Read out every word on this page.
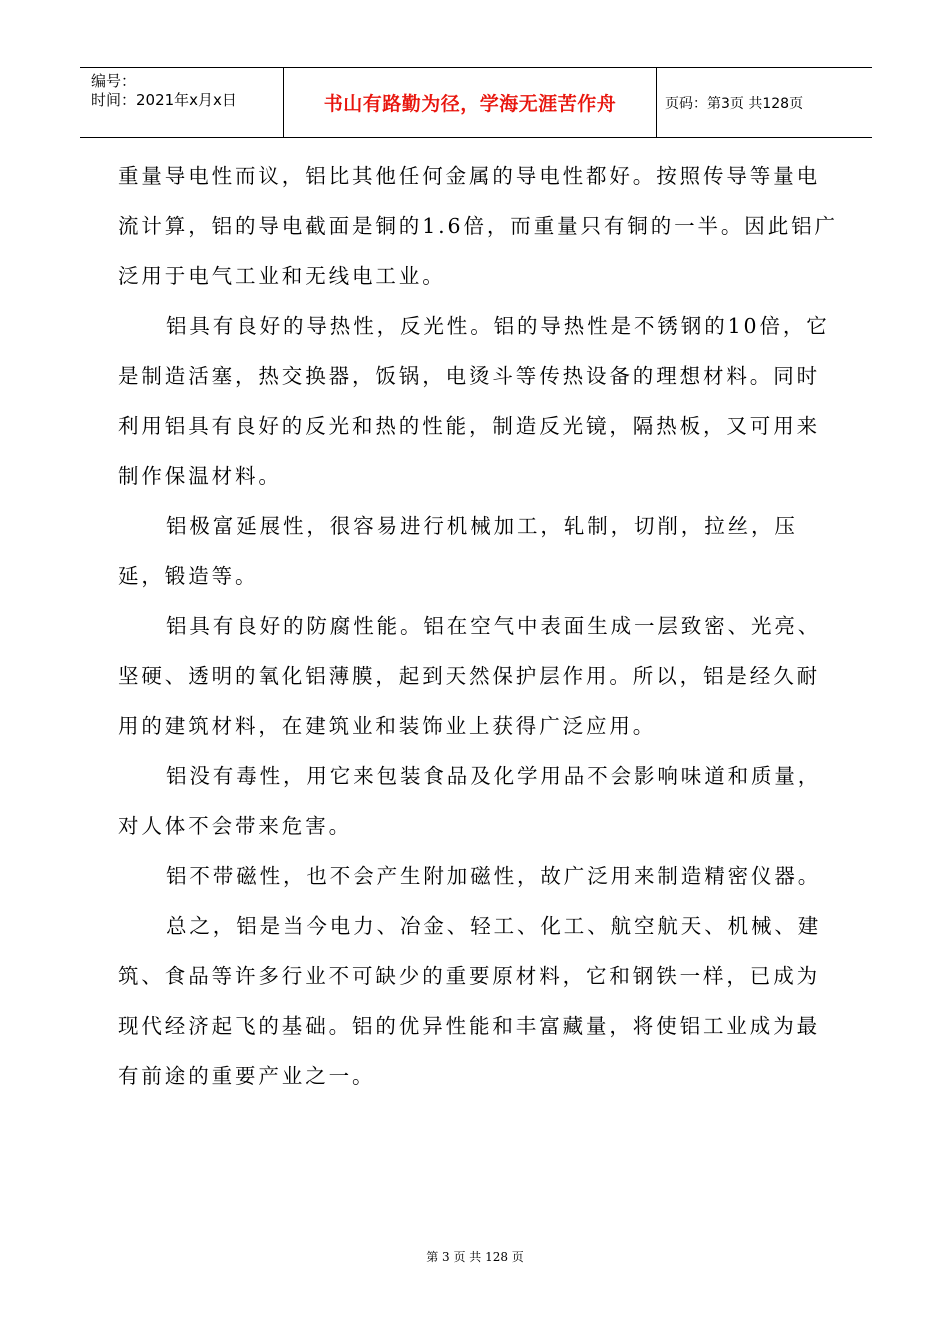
编号：
时间：2021年x月x日	书山有路勤为径，学海无涯苦作舟	页码：第3页 共128页

重量导电性而议，铝比其他任何金属的导电性都好。按照传导等量电流计算，铝的导电截面是铜的1.6倍，而重量只有铜的一半。因此铝广泛用于电气工业和无线电工业。

铝具有良好的导热性，反光性。铝的导热性是不锈钢的10倍，它是制造活塞，热交换器，饭锅，电烫斗等传热设备的理想材料。同时利用铝具有良好的反光和热的性能，制造反光镜，隔热板，又可用来制作保温材料。

铝极富延展性，很容易进行机械加工，轧制，切削，拉丝，压延，锻造等。

铝具有良好的防腐性能。铝在空气中表面生成一层致密、光亮、坚硬、透明的氧化铝薄膜，起到天然保护层作用。所以，铝是经久耐用的建筑材料，在建筑业和装饰业上获得广泛应用。

铝没有毒性，用它来包装食品及化学用品不会影响味道和质量，对人体不会带来危害。

铝不带磁性，也不会产生附加磁性，故广泛用来制造精密仪器。

总之，铝是当今电力、冶金、轻工、化工、航空航天、机械、建筑、食品等许多行业不可缺少的重要原材料，它和钢铁一样，已成为现代经济起飞的基础。铝的优异性能和丰富藏量，将使铝工业成为最有前途的重要产业之一。

第 3 页 共 128 页
